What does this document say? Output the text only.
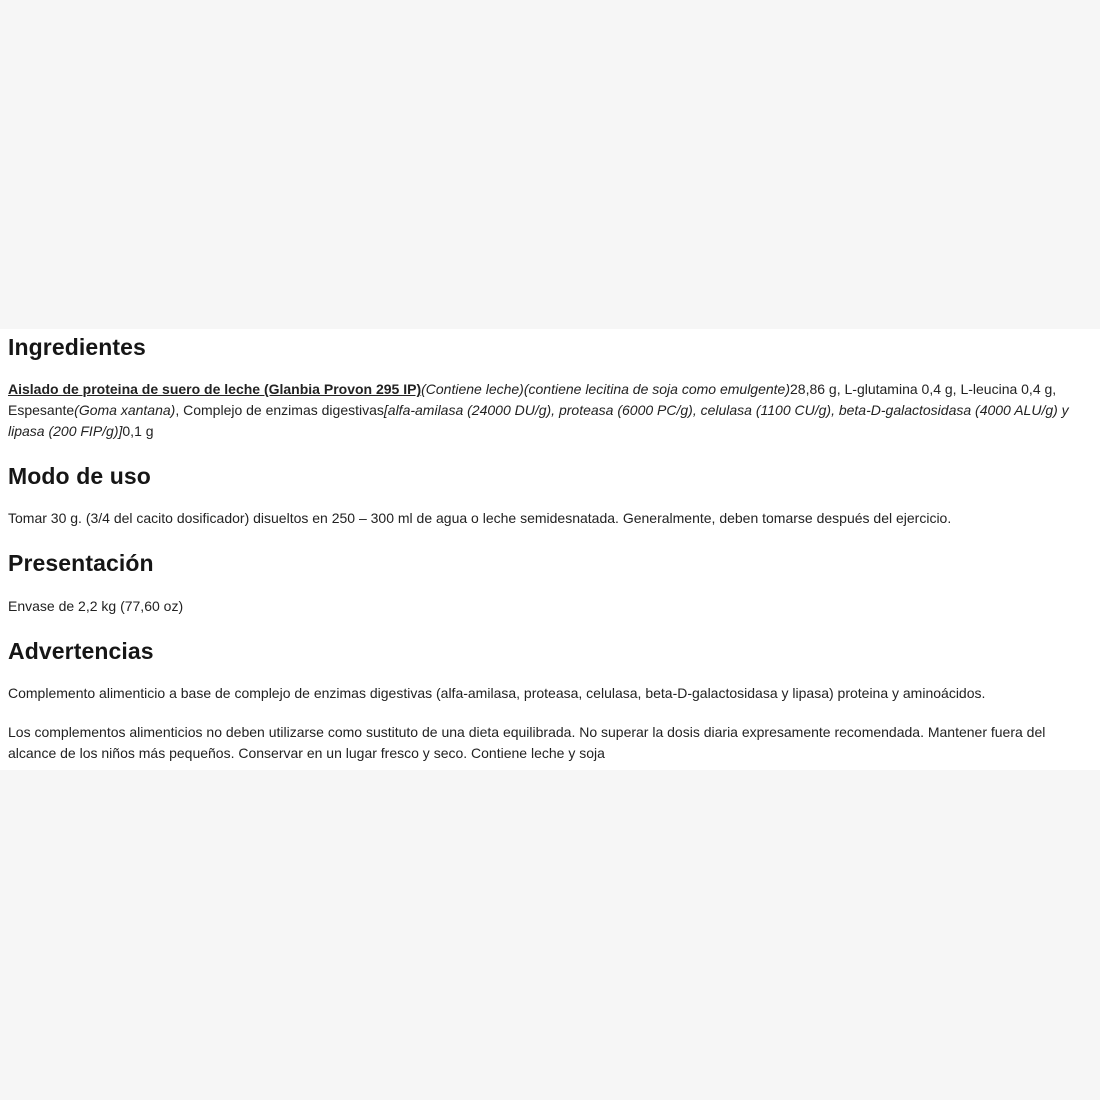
Ingredientes

Aislado de proteina de suero de leche (Glanbia Provon 295 IP)(Contiene leche)(contiene lecitina de soja como emulgente)28,86 g, L-glutamina 0,4 g, L-leucina 0,4 g, Espesante(Goma xantana), Complejo de enzimas digestivas[alfa-amilasa (24000 DU/g), proteasa (6000 PC/g), celulasa (1100 CU/g), beta-D-galactosidasa (4000 ALU/g) y lipasa (200 FIP/g)]0,1 g

Modo de uso

Tomar 30 g. (3/4 del cacito dosificador) disueltos en 250 – 300 ml de agua o leche semidesnatada. Generalmente, deben tomarse después del ejercicio.

Presentación

Envase de 2,2 kg (77,60 oz)

Advertencias

Complemento alimenticio a base de complejo de enzimas digestivas (alfa-amilasa, proteasa, celulasa, beta-D-galactosidasa y lipasa) proteina y aminoácidos.

Los complementos alimenticios no deben utilizarse como sustituto de una dieta equilibrada. No superar la dosis diaria expresamente recomendada. Mantener fuera del alcance de los niños más pequeños. Conservar en un lugar fresco y seco. Contiene leche y soja
